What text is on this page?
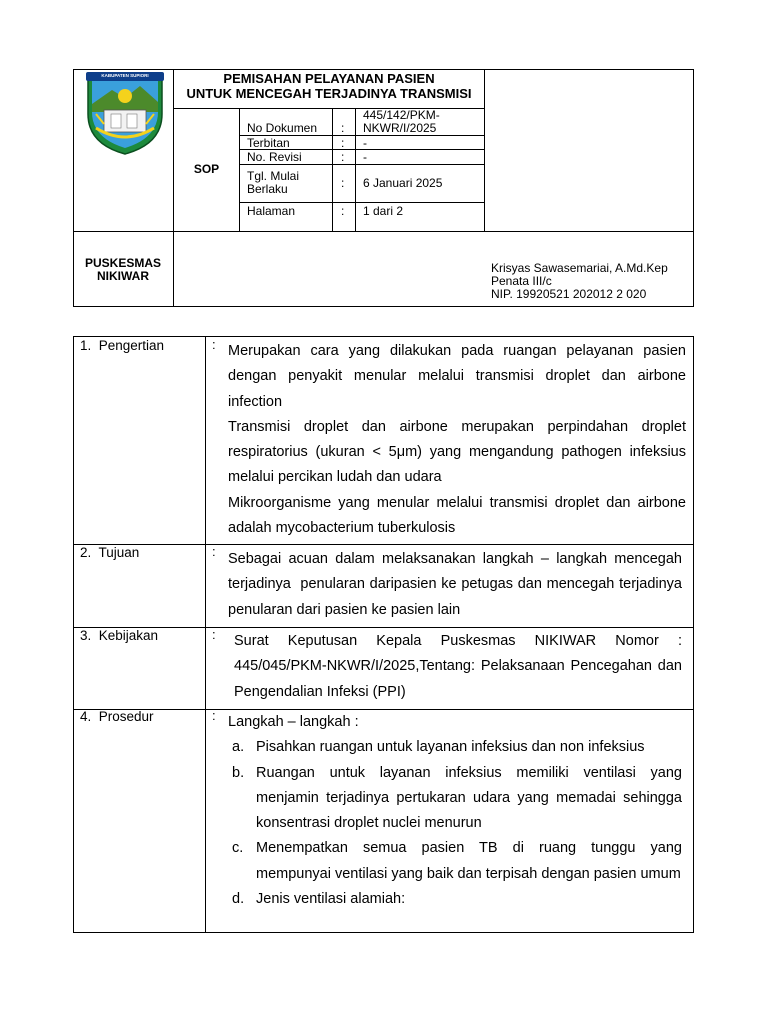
KABUPATEN SUPIORI	PEMISAHAN PELAYANAN PASIEN
UNTUK MENCEGAH TERJADINYA TRANSMISI
SOP
No Dokumen :
445/142/PKM-NKWR/I/2025
Terbitan	: -
No. Revisi	: -
Tgl. Mulai Berlaku	: 6 Januari 2025
Halaman	: 1 dari 2
PUSKESMAS
NIKIWAR
Krisyas Sawasemariai, A.Md.Kep
Penata III/c
NIP. 19920521 202012 2 020
1.  Pengertian	: Merupakan cara yang dilakukan pada ruangan pelayanan pasien dengan penyakit menular melalui transmisi droplet dan airbone infection
Transmisi droplet dan airbone merupakan perpindahan droplet respiratorius (ukuran < 5μm) yang mengandung pathogen infeksius melalui percikan ludah dan udara
Mikroorganisme yang menular melalui transmisi droplet dan airbone adalah mycobacterium tuberkulosis
2.  Tujuan	: Sebagai acuan dalam melaksanakan langkah – langkah mencegah terjadinya  penularan daripasien ke petugas dan mencegah terjadinya penularan dari pasien ke pasien lain
3.  Kebijakan	: Surat Keputusan Kepala Puskesmas NIKIWAR Nomor : 445/045/PKM-NKWR/I/2025,Tentang: Pelaksanaan Pencegahan dan Pengendalian Infeksi (PPI)
4.  Prosedur	: Langkah – langkah :
a. Pisahkan ruangan untuk layanan infeksius dan non infeksius
b. Ruangan untuk layanan infeksius memiliki ventilasi yang menjamin terjadinya pertukaran udara yang memadai sehingga konsentrasi droplet nuclei menurun
c. Menempatkan semua pasien TB di ruang tunggu yang mempunyai ventilasi yang baik dan terpisah dengan pasien umum
d. Jenis ventilasi alamiah:
